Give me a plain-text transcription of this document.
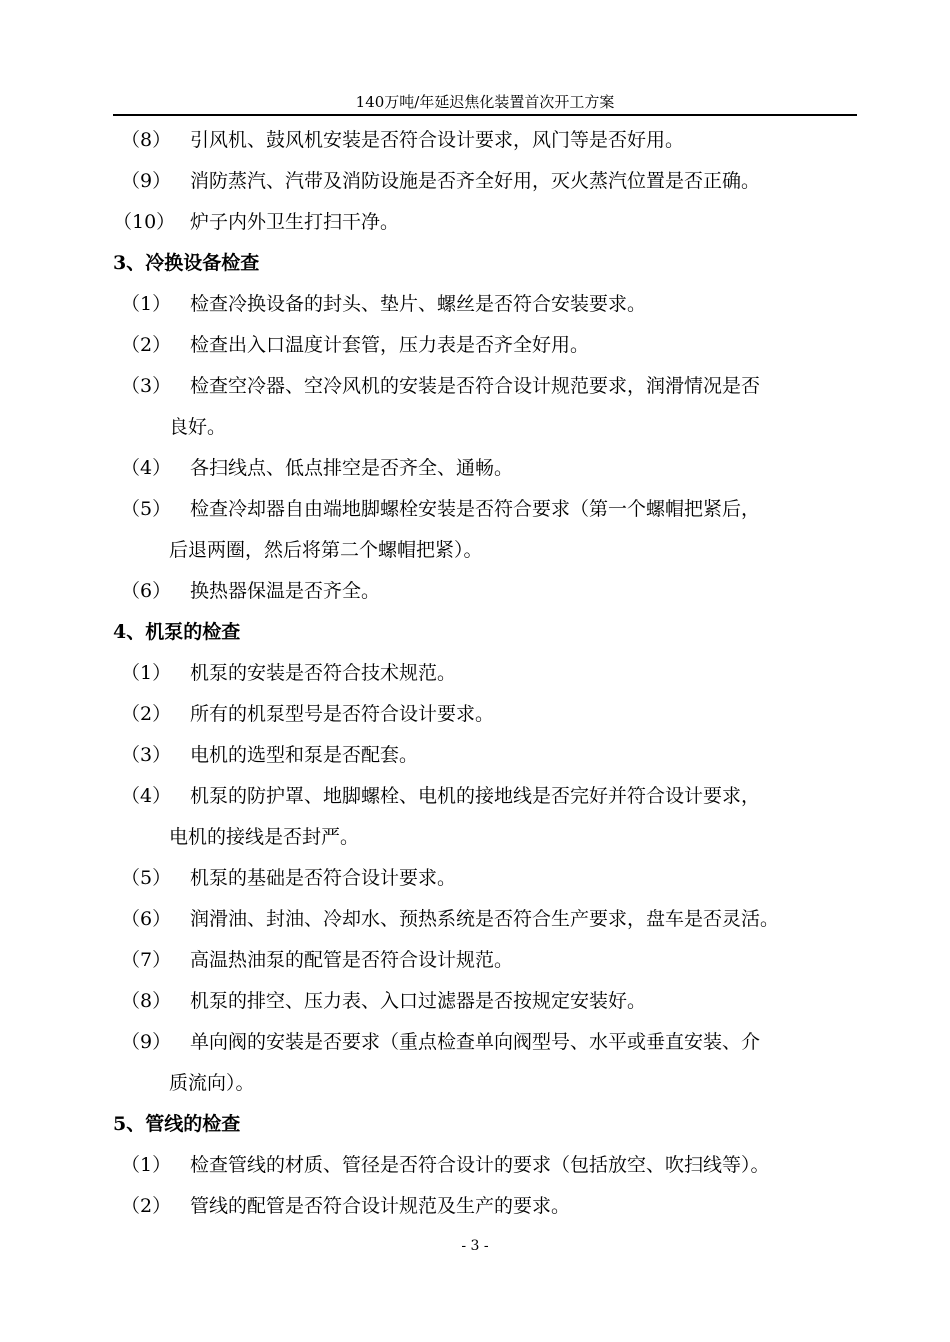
140万吨/年延迟焦化装置首次开工方案
（8） 引风机、鼓风机安装是否符合设计要求，风门等是否好用。
（9） 消防蒸汽、汽带及消防设施是否齐全好用，灭火蒸汽位置是否正确。
（10） 炉子内外卫生打扫干净。
3、冷换设备检查
（1） 检查冷换设备的封头、垫片、螺丝是否符合安装要求。
（2） 检查出入口温度计套管，压力表是否齐全好用。
（3） 检查空冷器、空冷风机的安装是否符合设计规范要求，润滑情况是否
良好。
（4） 各扫线点、低点排空是否齐全、通畅。
（5） 检查冷却器自由端地脚螺栓安装是否符合要求（第一个螺帽把紧后，
后退两圈，然后将第二个螺帽把紧）。
（6） 换热器保温是否齐全。
4、机泵的检查
（1） 机泵的安装是否符合技术规范。
（2） 所有的机泵型号是否符合设计要求。
（3） 电机的选型和泵是否配套。
（4） 机泵的防护罩、地脚螺栓、电机的接地线是否完好并符合设计要求，
电机的接线是否封严。
（5） 机泵的基础是否符合设计要求。
（6） 润滑油、封油、冷却水、预热系统是否符合生产要求，盘车是否灵活。
（7） 高温热油泵的配管是否符合设计规范。
（8） 机泵的排空、压力表、入口过滤器是否按规定安装好。
（9） 单向阀的安装是否要求（重点检查单向阀型号、水平或垂直安装、介
质流向）。
5、管线的检查
（1） 检查管线的材质、管径是否符合设计的要求（包括放空、吹扫线等）。
（2） 管线的配管是否符合设计规范及生产的要求。
- 3 -
